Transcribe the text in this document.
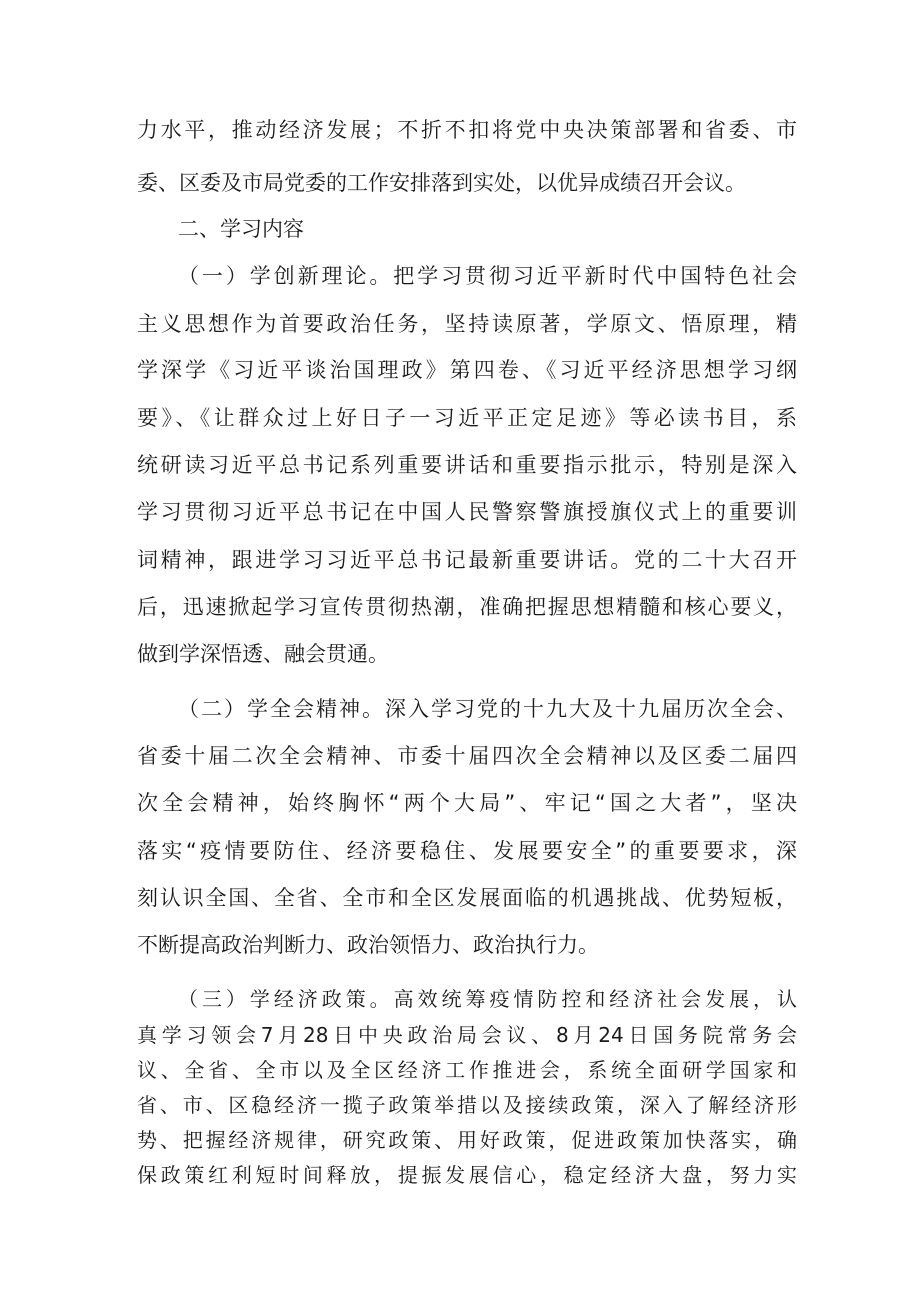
力水平，推动经济发展；不折不扣将党中央决策部署和省委、市
委、区委及市局党委的工作安排落到实处，以优异成绩召开会议。
二、学习内容
（一）学创新理论。把学习贯彻习近平新时代中国特色社会
主义思想作为首要政治任务，坚持读原著，学原文、悟原理，精
学深学《习近平谈治国理政》第四卷、《习近平经济思想学习纲
要》、《让群众过上好日子一习近平正定足迹》等必读书目，系
统研读习近平总书记系列重要讲话和重要指示批示，特别是深入
学习贯彻习近平总书记在中国人民警察警旗授旗仪式上的重要训
词精神，跟进学习习近平总书记最新重要讲话。党的二十大召开
后，迅速掀起学习宣传贯彻热潮，准确把握思想精髓和核心要义，
做到学深悟透、融会贯通。
（二）学全会精神。深入学习党的十九大及十九届历次全会、
省委十届二次全会精神、市委十届四次全会精神以及区委二届四
次全会精神，始终胸怀“两个大局”、牢记“国之大者”，坚决
落实“疫情要防住、经济要稳住、发展要安全”的重要要求，深
刻认识全国、全省、全市和全区发展面临的机遇挑战、优势短板，
不断提高政治判断力、政治领悟力、政治执行力。
（三）学经济政策。高效统筹疫情防控和经济社会发展，认
真学习领会7月28日中央政治局会议、8月24日国务院常务会
议、全省、全市以及全区经济工作推进会，系统全面研学国家和
省、市、区稳经济一揽子政策举措以及接续政策，深入了解经济形
势、把握经济规律，研究政策、用好政策，促进政策加快落实，确
保政策红利短时间释放，提振发展信心，稳定经济大盘，努力实
